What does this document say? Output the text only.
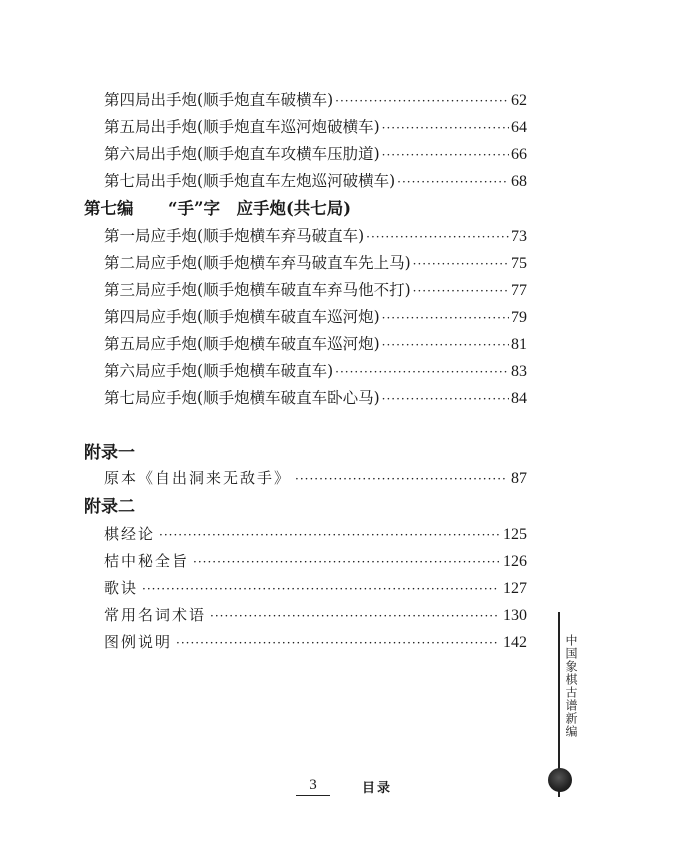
第四局 出手炮(顺手炮直车破横车) ·····	62
第五局 出手炮(顺手炮直车巡河炮破横车) ·····	64
第六局 出手炮(顺手炮直车攻横车压肋道) ·····	66
第七局 出手炮(顺手炮直车左炮巡河破横车) ·····	68
第七编 “手”字　应手炮(共七局)
第一局 应手炮(顺手炮横车弃马破直车) ·····	73
第二局 应手炮(顺手炮横车弃马破直车先上马) ·····	75
第三局 应手炮(顺手炮横车破直车弃马他不打) ·····	77
第四局 应手炮(顺手炮横车破直车巡河炮) ·····	79
第五局 应手炮(顺手炮横车破直车巡河炮) ·····	81
第六局 应手炮(顺手炮横车破直车) ·····	83
第七局 应手炮(顺手炮横车破直车卧心马) ·····	84
附录一
原本《自出洞来无敌手》 ·····	87
附录二
棋经论 ·····	125
桔中秘全旨 ·····	126
歌诀 ·····	127
常用名词术语 ·····	130
图例说明 ·····	142	中国象棋古谱新编
3	目录
